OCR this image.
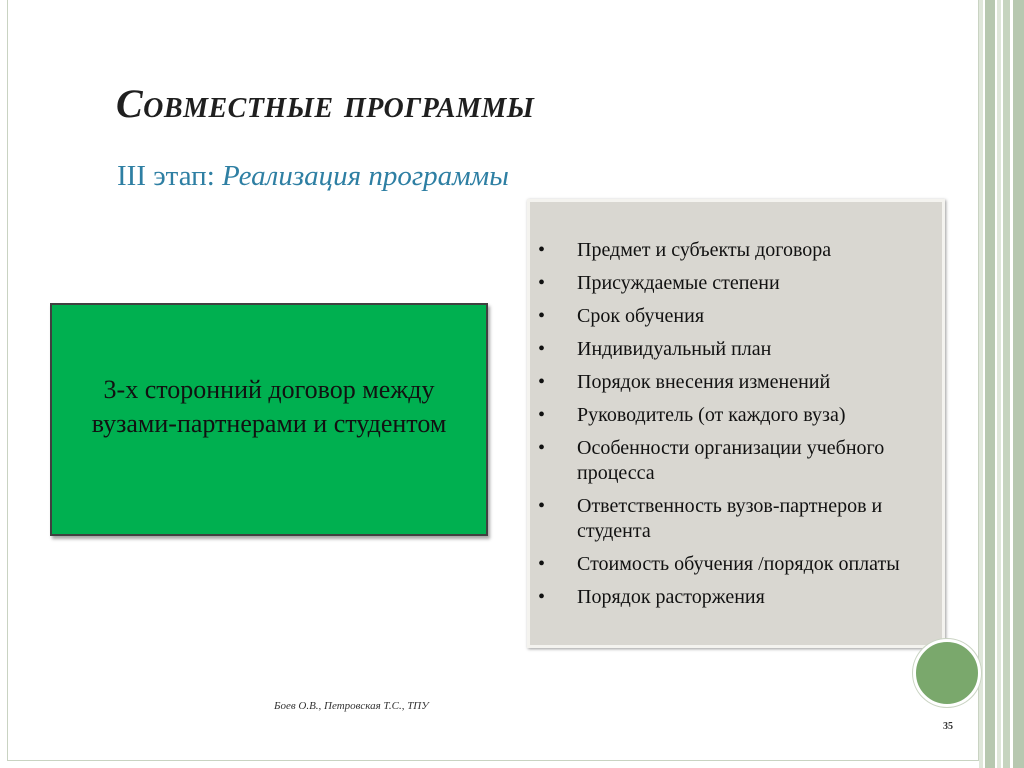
Совместные программы
III этап: Реализация программы

3-х сторонний договор между вузами-партнерами и студентом

• Предмет и субъекты договора
• Присуждаемые степени
• Срок обучения
• Индивидуальный план
• Порядок внесения изменений
• Руководитель (от каждого вуза)
• Особенности организации учебного процесса
• Ответственность вузов-партнеров и студента
• Стоимость обучения /порядок оплаты
• Порядок расторжения
Боев О.В., Петровская Т.С., ТПУ
35
